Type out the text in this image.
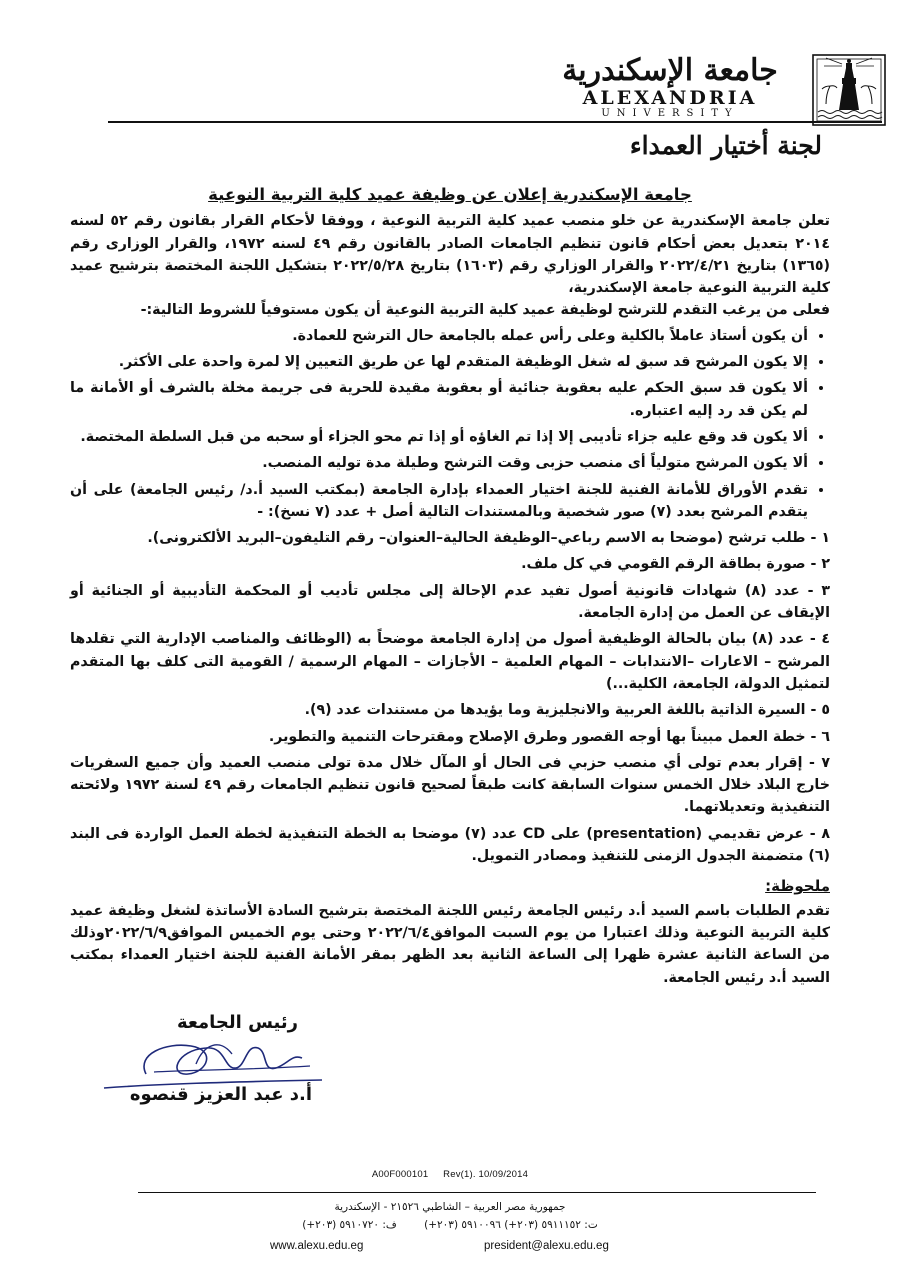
جامعة الإسكندرية
ALEXANDRIA
UNIVERSITY
لجنة أختيار العمداء
جامعة الإسكندرية إعلان عن وظيفة عميد كلية التربية النوعية

تعلن جامعة الإسكندرية عن خلو منصب عميد كلية التربية النوعية ، ووفقا لأحكام القرار بقانون رقم ٥٢ لسنه ٢٠١٤ بتعديل بعض أحكام قانون تنظيم الجامعات الصادر بالقانون رقم ٤٩ لسنه ١٩٧٢، والقرار الوزارى رقم (١٣٦٥) بتاريخ ٢٠٢٢/٤/٢١ والقرار الوزاري رقم (١٦٠٣) بتاريخ ٢٠٢٢/٥/٢٨ بتشكيل اللجنة المختصة بترشيح عميد كلية التربية النوعية جامعة الإسكندرية،

فعلى من يرغب التقدم للترشح لوظيفة عميد كلية التربية النوعية أن يكون مستوفياً للشروط التالية:-

• أن يكون أستاذ عاملاً بالكلية وعلى رأس عمله بالجامعة حال الترشح للعمادة.
• إلا يكون المرشح قد سبق له شغل الوظيفة المتقدم لها عن طريق التعيين إلا لمرة واحدة على الأكثر.
• ألا يكون قد سبق الحكم عليه بعقوبة جنائية أو بعقوبة مقيدة للحرية فى جريمة مخلة بالشرف أو الأمانة ما لم يكن قد رد إليه اعتباره.
• ألا يكون قد وقع عليه جزاء تأديبى إلا إذا تم الغاؤه أو إذا تم محو الجزاء أو سحبه من قبل السلطة المختصة.
• ألا يكون المرشح متولياً أى منصب حزبى وقت الترشح وطيلة مدة توليه المنصب.
• تقدم الأوراق للأمانة الفنية للجنة اختيار العمداء بإدارة الجامعة (بمكتب السيد أ.د/ رئيس الجامعة) على أن يتقدم المرشح بعدد (٧) صور شخصية وبالمستندات التالية أصل + عدد (٧ نسخ): -
١ - طلب ترشح (موضحا به الاسم رباعي–الوظيفة الحالية–العنوان– رقم التليفون–البريد الألكترونى).
٢ - صورة بطاقة الرقم القومي في كل ملف.
٣ - عدد (٨) شهادات قانونية أصول تفيد عدم الإحالة إلى مجلس تأديب أو المحكمة التأديبية أو الجنائية أو الإيقاف عن العمل من إدارة الجامعة.
٤ - عدد (٨) بيان بالحالة الوظيفية أصول من إدارة الجامعة موضحاً به (الوظائف والمناصب الإدارية التي تقلدها المرشح – الاعارات –الانتدابات – المهام العلمية – الأجازات – المهام الرسمية / القومية التى كلف بها المتقدم لتمثيل الدولة، الجامعة، الكلية...)
٥ - السيرة الذاتية باللغة العربية والانجليزية وما يؤيدها من مستندات عدد (٩).
٦ - خطة العمل مبيناً بها أوجه القصور وطرق الإصلاح ومقترحات التنمية والتطوير.
٧ - إقرار بعدم تولى أي منصب حزبي فى الحال أو المآل خلال مدة تولى منصب العميد وأن جميع السفريات خارج البلاد خلال الخمس سنوات السابقة كانت طبقاً لصحيح قانون تنظيم الجامعات رقم ٤٩ لسنة ١٩٧٢ ولائحته التنفيذية وتعديلاتهما.
٨ - عرض تقديمي (presentation) على CD عدد (٧) موضحا به الخطة التنفيذية لخطة العمل الواردة فى البند (٦) متضمنة الجدول الزمنى للتنفيذ ومصادر التمويل.
ملحوظة:

تقدم الطلبات باسم السيد أ.د رئيس الجامعة رئيس اللجنة المختصة بترشيح السادة الأساتذة لشغل وظيفة عميد كلية التربية النوعية وذلك اعتبارا من يوم السبت الموافق٢٠٢٢/٦/٤ وحتى يوم الخميس الموافق٢٠٢٢/٦/٩وذلك من الساعة الثانية عشرة ظهرا إلى الساعة الثانية بعد الظهر بمقر الأمانة الفنية للجنة اختيار العمداء بمكتب السيد أ.د رئيس الجامعة.

رئيس الجامعة
أ.د عبد العزيز قنصوه
A00F000101 Rev(1). 10/09/2014
جمهورية مصر العربية – الشاطبي ٢١٥٢٦ - الإسكندرية
ت: ٥٩١١١٥٢ (٢٠٣+) ٥٩١٠٠٩٦ (٢٠٣+) ف: ٥٩١٠٧٢٠ (٢٠٣+)
www.alexu.edu.eg	president@alexu.edu.eg
